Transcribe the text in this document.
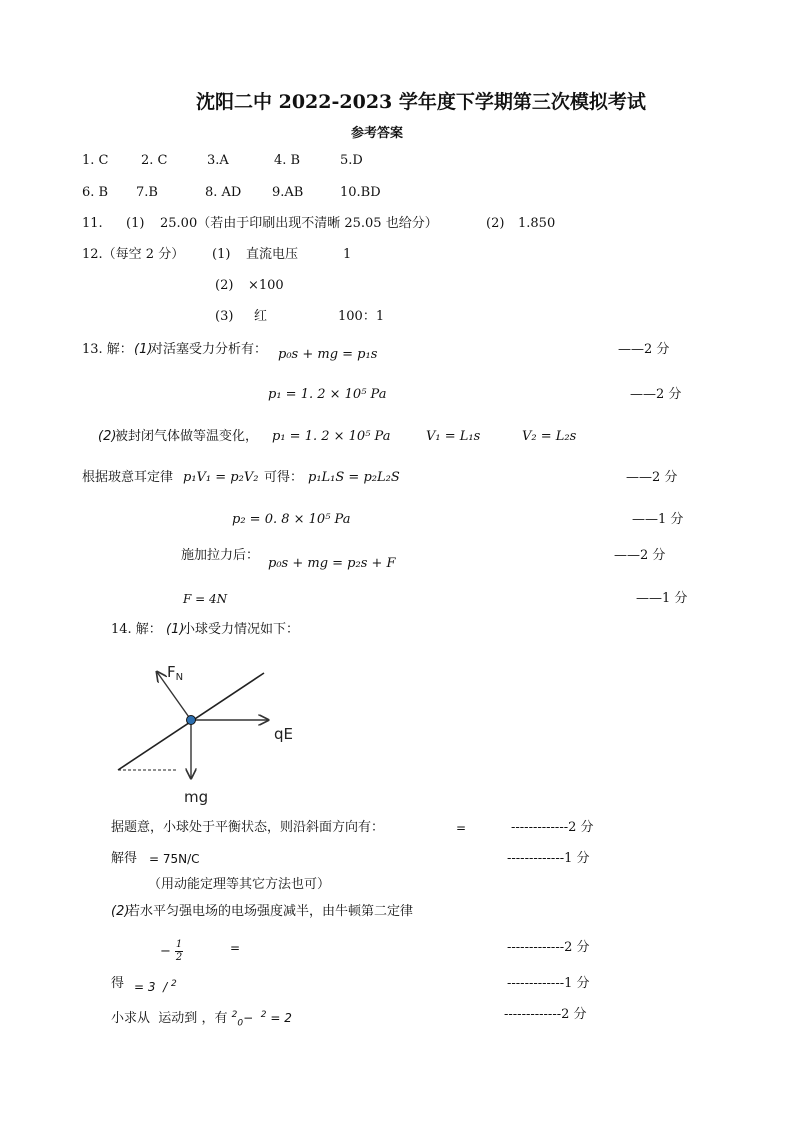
沈阳二中 2022-2023 学年度下学期第三次模拟考试
参考答案
1. C	2. C	3.A	4. B	5.D
6. B 7.B	8. AD 9.AB	10.BD
11. (1) 25.00（若由于印刷出现不清晰 25.05 也给分）	(2) 1.850
12.（每空 2 分） (1) 直流电压	1
(2) ×100
(3) 红	100：1
13. 解： (1)
对活塞受力分析有： p₀s + mg = p₁s	——2 分
p₁ = 1. 2 × 10⁵ Pa	——2 分
(2)
被封闭气体做等温变化， p₁ = 1. 2 × 10⁵ Pa	V₁ = L₁s	V₂ = L₂s
根据玻意耳定律 p₁V₁ = p₂V₂ 可得： p₁L₁S = p₂L₂S	——2 分
p₂ = 0. 8 × 10⁵ Pa	——1 分
施加拉力后：
p₀s + mg = p₂s + F
——2 分
F = 4N	——1 分
14. 解： (1)
小球受力情况如下：
$F_N$
qE
mg
据题意，小球处于平衡状态，则沿斜面方向有：	=	-------------2 分
解得 = 75N/C	-------------1 分
（用动能定理等其它方法也可）
(2)
若水平匀强电场的电场强度减半，由牛顿第二定律
− $\frac{1}{2}$	=	-------------2 分
得 = 3 / $^2$	-------------1 分
小求从 运动到 ，有 $^2_0$− $^2$ = 2	-------------2 分
